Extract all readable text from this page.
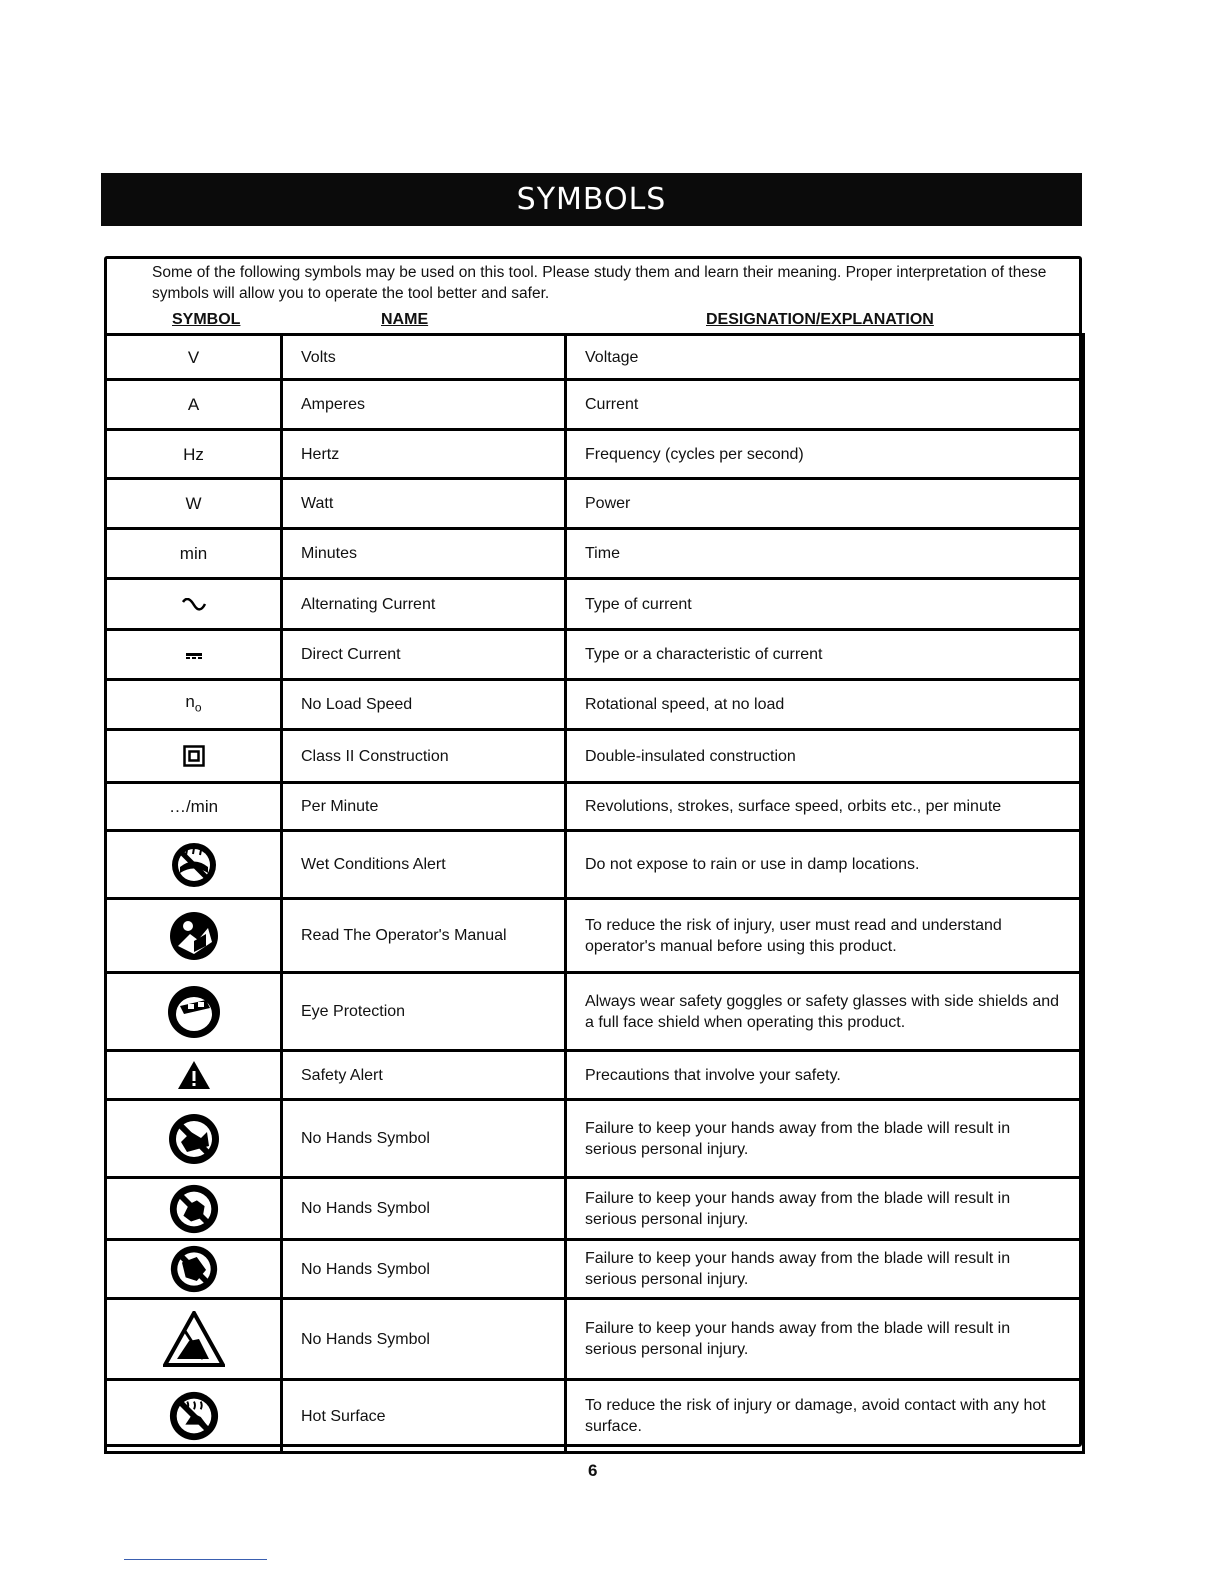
SYMBOLS
Some of the following symbols may be used on this tool. Please study them and learn their meaning. Proper interpretation of these symbols will allow you to operate the tool better and safer.
SYMBOL	NAME	DESIGNATION/EXPLANATION
V	Volts	Voltage
A	Amperes	Current
Hz	Hertz	Frequency (cycles per second)
W	Watt	Power
min	Minutes	Time
	Alternating Current	Type of current
	Direct Current	Type or a characteristic of current
$n_o$	No Load Speed	Rotational speed, at no load
	Class II Construction	Double-insulated construction
…/min	Per Minute	Revolutions, strokes, surface speed, orbits etc., per minute
	Wet Conditions Alert	Do not expose to rain or use in damp locations.
	Read The Operator's Manual	To reduce the risk of injury, user must read and understand operator's manual before using this product.
	Eye Protection	Always wear safety goggles or safety glasses with side shields and a full face shield when operating this product.
	Safety Alert	Precautions that involve your safety.
	No Hands Symbol	Failure to keep your hands away from the blade will result in serious personal injury.
	No Hands Symbol	Failure to keep your hands away from the blade will result in serious personal injury.
	No Hands Symbol	Failure to keep your hands away from the blade will result in serious personal injury.
	No Hands Symbol	Failure to keep your hands away from the blade will result in serious personal injury.
	Hot Surface	To reduce the risk of injury or damage, avoid contact with any hot surface.
6
